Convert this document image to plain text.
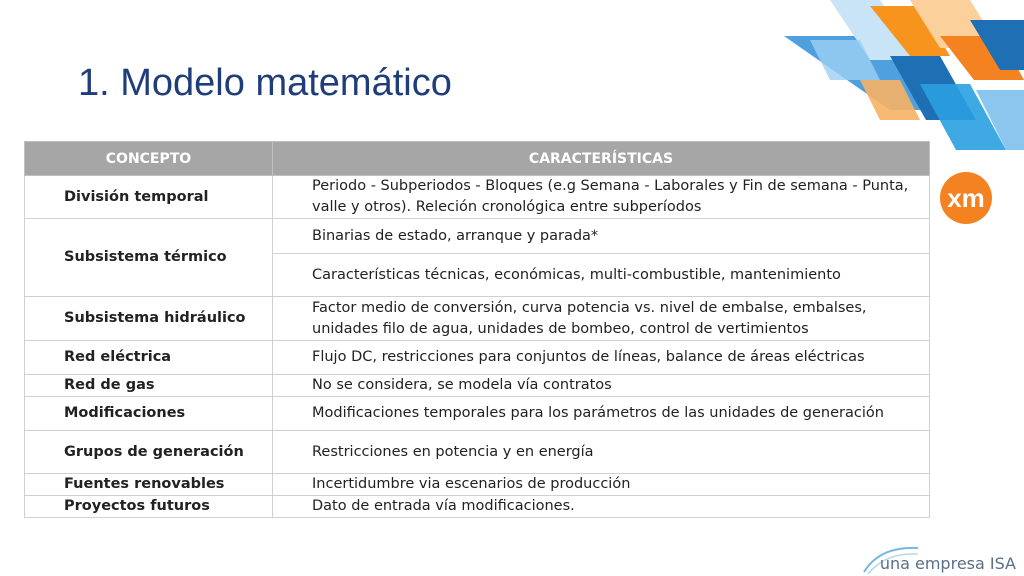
1. Modelo matemático
xm
CONCEPTO	CARACTERÍSTICAS
División temporal	Periodo - Subperiodos - Bloques (e.g Semana - Laborales y Fin de semana - Punta, valle y otros). Releción cronológica entre subperíodos
Subsistema térmico	Binarias de estado, arranque y parada*
	Características técnicas, económicas, multi-combustible, mantenimiento
Subsistema hidráulico	Factor medio de conversión, curva potencia vs. nivel de embalse, embalses, unidades filo de agua, unidades de bombeo, control de vertimientos
Red eléctrica	Flujo DC, restricciones para conjuntos de líneas, balance de áreas eléctricas
Red de gas	No se considera, se modela vía contratos
Modificaciones	Modificaciones temporales para los parámetros de las unidades de generación
Grupos de generación	Restricciones en potencia y en energía
Fuentes renovables	Incertidumbre via escenarios de producción
Proyectos futuros	Dato de entrada vía modificaciones.
una empresa ISA
